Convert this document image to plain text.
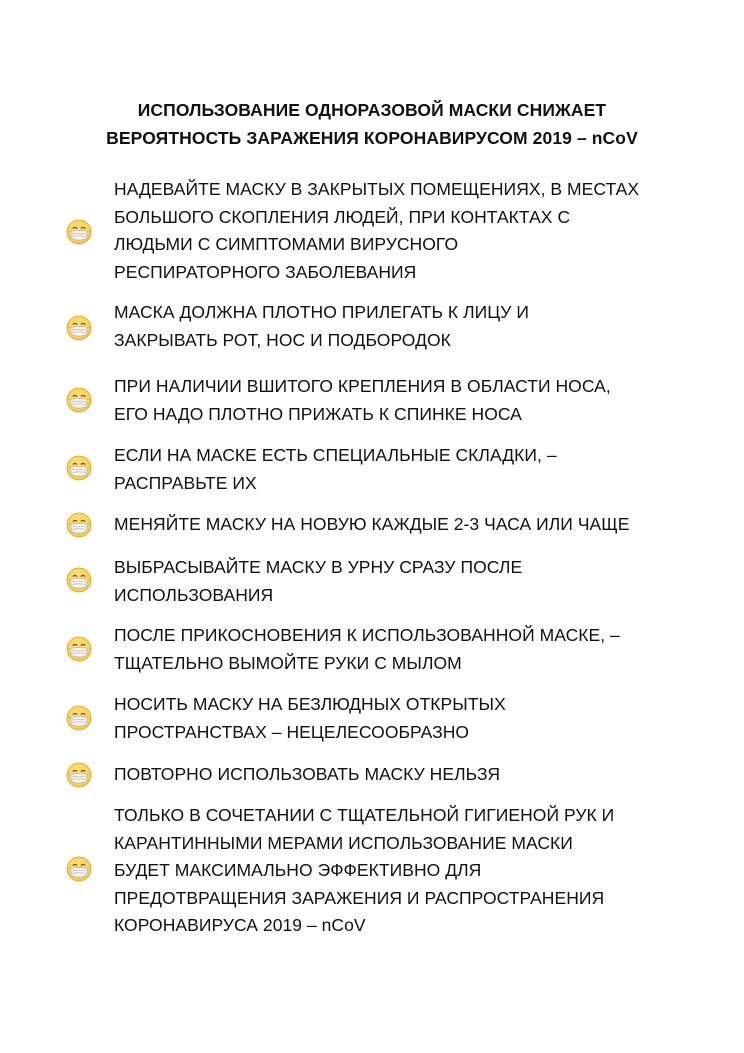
ИСПОЛЬЗОВАНИЕ ОДНОРАЗОВОЙ МАСКИ СНИЖАЕТ
ВЕРОЯТНОСТЬ ЗАРАЖЕНИЯ КОРОНАВИРУСОМ 2019 – nCoV
НАДЕВАЙТЕ МАСКУ В ЗАКРЫТЫХ ПОМЕЩЕНИЯХ, В МЕСТАХ
БОЛЬШОГО СКОПЛЕНИЯ ЛЮДЕЙ, ПРИ КОНТАКТАХ С
ЛЮДЬМИ С СИМПТОМАМИ ВИРУСНОГО
РЕСПИРАТОРНОГО ЗАБОЛЕВАНИЯ
МАСКА ДОЛЖНА ПЛОТНО ПРИЛЕГАТЬ К ЛИЦУ И
ЗАКРЫВАТЬ РОТ, НОС И ПОДБОРОДОК
ПРИ НАЛИЧИИ ВШИТОГО КРЕПЛЕНИЯ В ОБЛАСТИ НОСА,
ЕГО НАДО ПЛОТНО ПРИЖАТЬ К СПИНКЕ НОСА
ЕСЛИ НА МАСКЕ ЕСТЬ СПЕЦИАЛЬНЫЕ СКЛАДКИ, –
РАСПРАВЬТЕ ИХ
МЕНЯЙТЕ МАСКУ НА НОВУЮ КАЖДЫЕ 2-3 ЧАСА ИЛИ ЧАЩЕ
ВЫБРАСЫВАЙТЕ МАСКУ В УРНУ СРАЗУ ПОСЛЕ
ИСПОЛЬЗОВАНИЯ
ПОСЛЕ ПРИКОСНОВЕНИЯ К ИСПОЛЬЗОВАННОЙ МАСКЕ, –
ТЩАТЕЛЬНО ВЫМОЙТЕ РУКИ С МЫЛОМ
НОСИТЬ МАСКУ НА БЕЗЛЮДНЫХ ОТКРЫТЫХ
ПРОСТРАНСТВАХ – НЕЦЕЛЕСООБРАЗНО
ПОВТОРНО ИСПОЛЬЗОВАТЬ МАСКУ НЕЛЬЗЯ
ТОЛЬКО В СОЧЕТАНИИ С ТЩАТЕЛЬНОЙ ГИГИЕНОЙ РУК И
КАРАНТИННЫМИ МЕРАМИ ИСПОЛЬЗОВАНИЕ МАСКИ
БУДЕТ МАКСИМАЛЬНО ЭФФЕКТИВНО ДЛЯ
ПРЕДОТВРАЩЕНИЯ ЗАРАЖЕНИЯ И РАСПРОСТРАНЕНИЯ
КОРОНАВИРУСА 2019 – nCoV
